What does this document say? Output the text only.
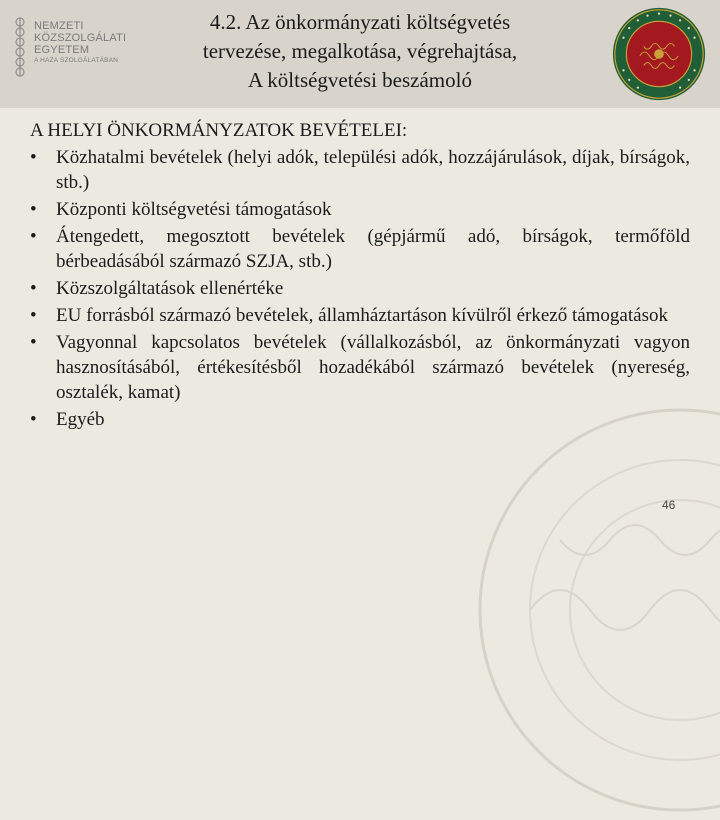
NEMZETI
KÖZSZOLGÁLATI
EGYETEM
A HAZA SZOLGÁLATÁBAN
4.2. Az önkormányzati költségvetés
tervezése, megalkotása, végrehajtása,
A költségvetési beszámoló
A HELYI ÖNKORMÁNYZATOK BEVÉTELEI:
• Közhatalmi bevételek (helyi adók, települési adók, hozzájárulások, díjak, bírságok, stb.)
• Központi költségvetési támogatások
• Átengedett, megosztott bevételek (gépjármű adó, bírságok, termőföld bérbeadásából származó SZJA, stb.)
• Közszolgáltatások ellenértéke
• EU forrásból származó bevételek, államháztartáson kívülről érkező támogatások
• Vagyonnal kapcsolatos bevételek (vállalkozásból, az önkormányzati vagyon hasznosításából, értékesítésből hozadékából származó bevételek (nyereség, osztalék, kamat)
• Egyéb
46
